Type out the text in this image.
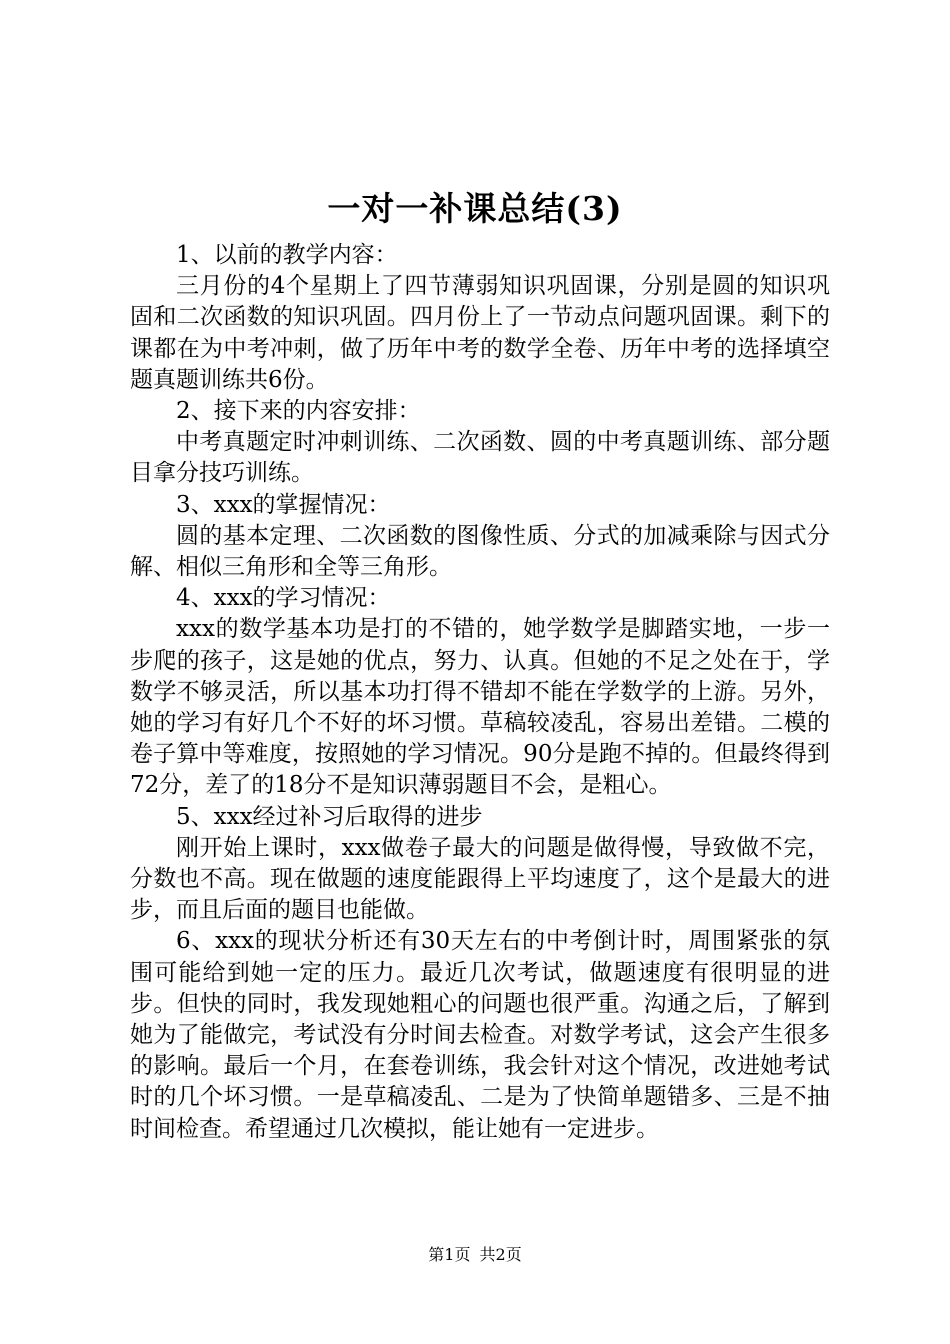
一对一补课总结(3)

1、以前的教学内容：

三月份的4个星期上了四节薄弱知识巩固课，分别是圆的知识巩固和二次函数的知识巩固。四月份上了一节动点问题巩固课。剩下的课都在为中考冲刺，做了历年中考的数学全卷、历年中考的选择填空题真题训练共6份。

2、接下来的内容安排：

中考真题定时冲刺训练、二次函数、圆的中考真题训练、部分题目拿分技巧训练。

3、xxx的掌握情况：

圆的基本定理、二次函数的图像性质、分式的加减乘除与因式分解、相似三角形和全等三角形。

4、xxx的学习情况：

xxx的数学基本功是打的不错的，她学数学是脚踏实地，一步一步爬的孩子，这是她的优点，努力、认真。但她的不足之处在于，学数学不够灵活，所以基本功打得不错却不能在学数学的上游。另外，她的学习有好几个不好的坏习惯。草稿较凌乱，容易出差错。二模的卷子算中等难度，按照她的学习情况。90分是跑不掉的。但最终得到72分，差了的18分不是知识薄弱题目不会，是粗心。

5、xxx经过补习后取得的进步

刚开始上课时，xxx做卷子最大的问题是做得慢，导致做不完，分数也不高。现在做题的速度能跟得上平均速度了，这个是最大的进步，而且后面的题目也能做。

6、xxx的现状分析还有30天左右的中考倒计时，周围紧张的氛围可能给到她一定的压力。最近几次考试，做题速度有很明显的进步。但快的同时，我发现她粗心的问题也很严重。沟通之后，了解到她为了能做完，考试没有分时间去检查。对数学考试，这会产生很多的影响。最后一个月，在套卷训练，我会针对这个情况，改进她考试时的几个坏习惯。一是草稿凌乱、二是为了快简单题错多、三是不抽时间检查。希望通过几次模拟，能让她有一定进步。

第1页 共2页
